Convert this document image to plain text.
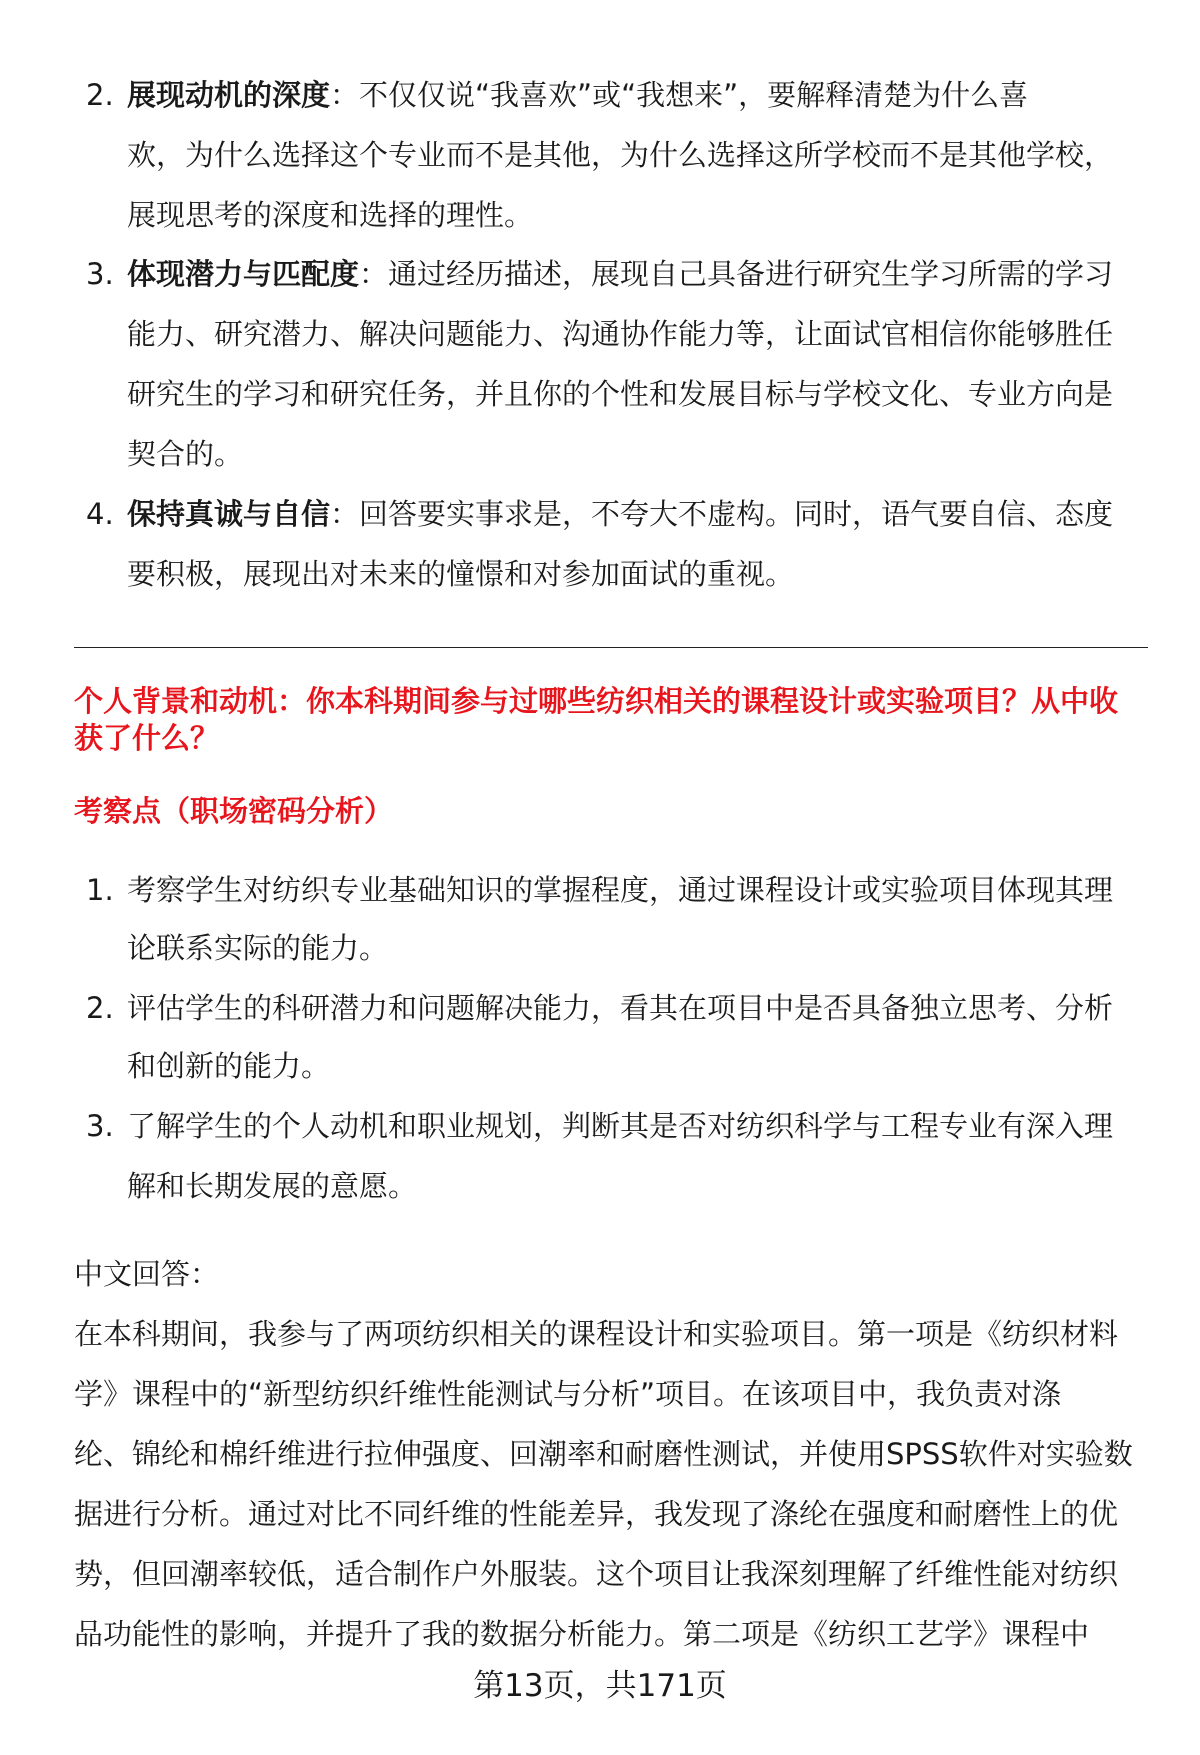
2. 展现动机的深度：不仅仅说“我喜欢”或“我想来”，要解释清楚为什么喜
欢，为什么选择这个专业而不是其他，为什么选择这所学校而不是其他学校，
展现思考的深度和选择的理性。
3. 体现潜力与匹配度：通过经历描述，展现自己具备进行研究生学习所需的学习
能力、研究潜力、解决问题能力、沟通协作能力等，让面试官相信你能够胜任
研究生的学习和研究任务，并且你的个性和发展目标与学校文化、专业方向是
契合的。
4. 保持真诚与自信：回答要实事求是，不夸大不虚构。同时，语气要自信、态度
要积极，展现出对未来的憧憬和对参加面试的重视。
个人背景和动机：你本科期间参与过哪些纺织相关的课程设计或实验项目？从中收
获了什么？
考察点（职场密码分析）
1. 考察学生对纺织专业基础知识的掌握程度，通过课程设计或实验项目体现其理
论联系实际的能力。
2. 评估学生的科研潜力和问题解决能力，看其在项目中是否具备独立思考、分析
和创新的能力。
3. 了解学生的个人动机和职业规划，判断其是否对纺织科学与工程专业有深入理
解和长期发展的意愿。
中文回答：
在本科期间，我参与了两项纺织相关的课程设计和实验项目。第一项是《纺织材料
学》课程中的“新型纺织纤维性能测试与分析”项目。在该项目中，我负责对涤
纶、锦纶和棉纤维进行拉伸强度、回潮率和耐磨性测试，并使用SPSS软件对实验数
据进行分析。通过对比不同纤维的性能差异，我发现了涤纶在强度和耐磨性上的优
势，但回潮率较低，适合制作户外服装。这个项目让我深刻理解了纤维性能对纺织
品功能性的影响，并提升了我的数据分析能力。第二项是《纺织工艺学》课程中
第13页，共171页
